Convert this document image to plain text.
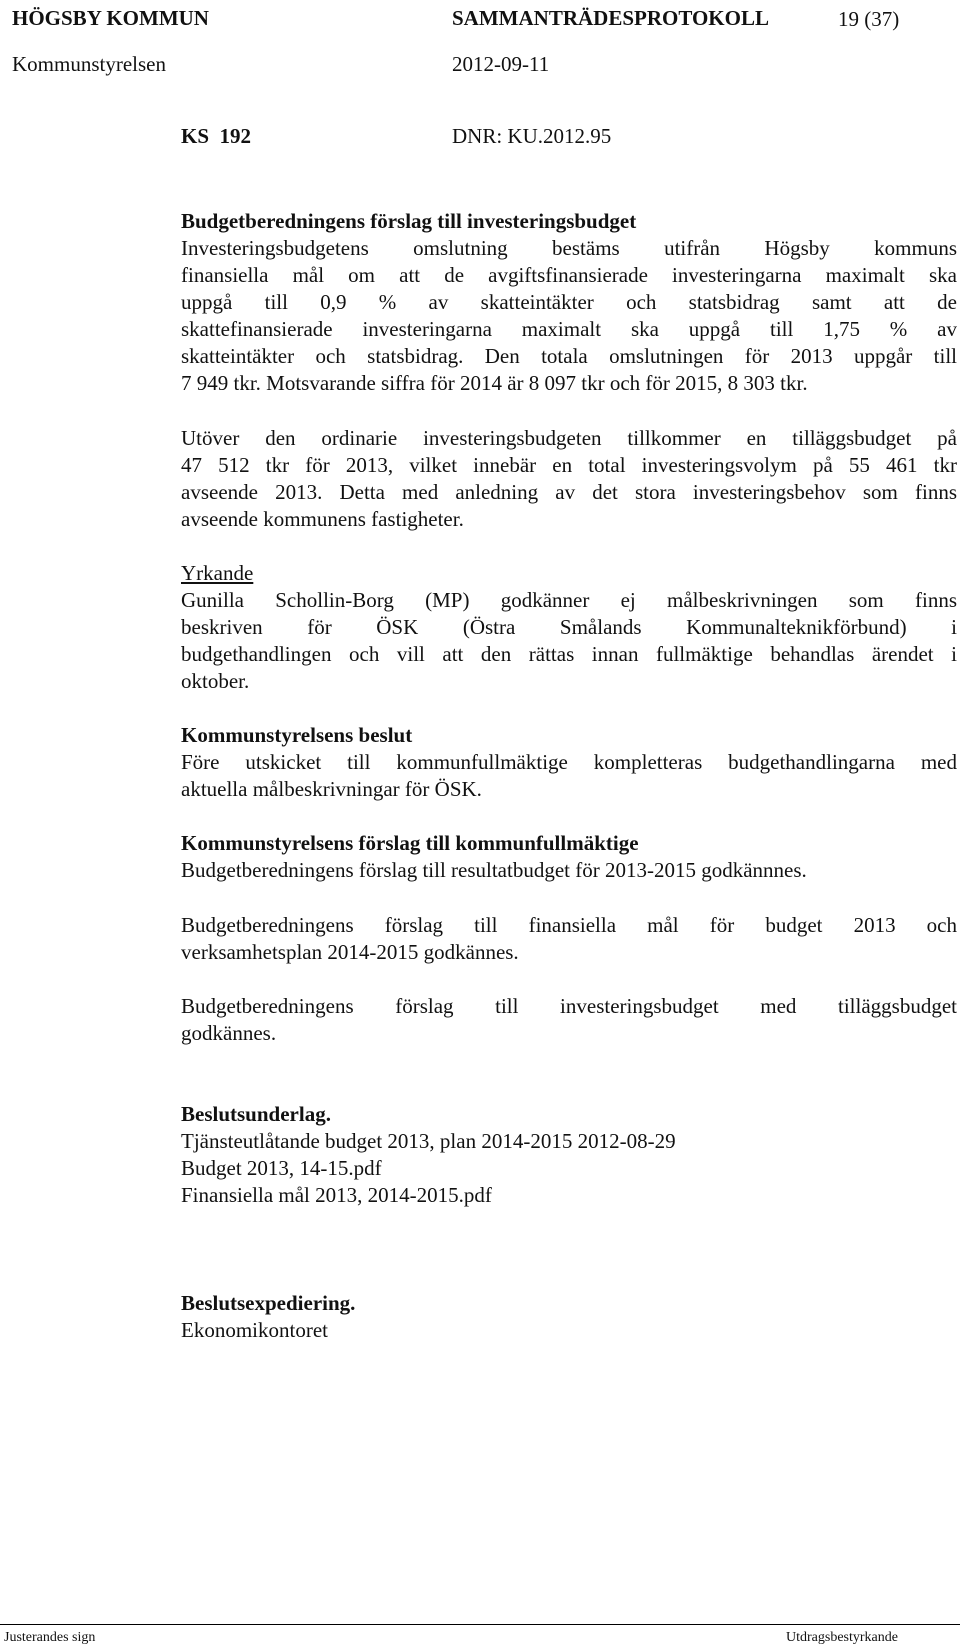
HÖGSBY KOMMUN	SAMMANTRÄDESPROTOKOLL	19 (37)
Kommunstyrelsen	2012-09-11
KS  192	DNR: KU.2012.95
Budgetberedningens förslag till investeringsbudget
Investeringsbudgetens omslutning bestäms utifrån Högsby kommuns
finansiella mål om att de avgiftsfinansierade investeringarna maximalt ska
uppgå till 0,9 % av skatteintäkter och statsbidrag samt att de
skattefinansierade investeringarna maximalt ska uppgå till 1,75 % av
skatteintäkter och statsbidrag. Den totala omslutningen för 2013 uppgår till
7 949 tkr. Motsvarande siffra för 2014 är 8 097 tkr och för 2015, 8 303 tkr.
Utöver den ordinarie investeringsbudgeten tillkommer en tilläggsbudget på
47 512 tkr för 2013, vilket innebär en total investeringsvolym på 55 461 tkr
avseende 2013. Detta med anledning av det stora investeringsbehov som finns
avseende kommunens fastigheter.
Yrkande
Gunilla Schollin-Borg (MP) godkänner ej målbeskrivningen som finns
beskriven för ÖSK (Östra Smålands Kommunalteknikförbund) i
budgethandlingen och vill att den rättas innan fullmäktige behandlas ärendet i
oktober.
Kommunstyrelsens beslut
Före utskicket till kommunfullmäktige kompletteras budgethandlingarna med
aktuella målbeskrivningar för ÖSK.
Kommunstyrelsens förslag till kommunfullmäktige
Budgetberedningens förslag till resultatbudget för 2013-2015 godkännnes.
Budgetberedningens förslag till finansiella mål för budget 2013 och
verksamhetsplan 2014-2015 godkännes.
Budgetberedningens förslag till investeringsbudget med tilläggsbudget
godkännes.
Beslutsunderlag.
Tjänsteutlåtande budget 2013, plan 2014-2015 2012-08-29
Budget 2013, 14-15.pdf
Finansiella mål 2013, 2014-2015.pdf
Beslutsexpediering.
Ekonomikontoret
Justerandes sign	Utdragsbestyrkande
